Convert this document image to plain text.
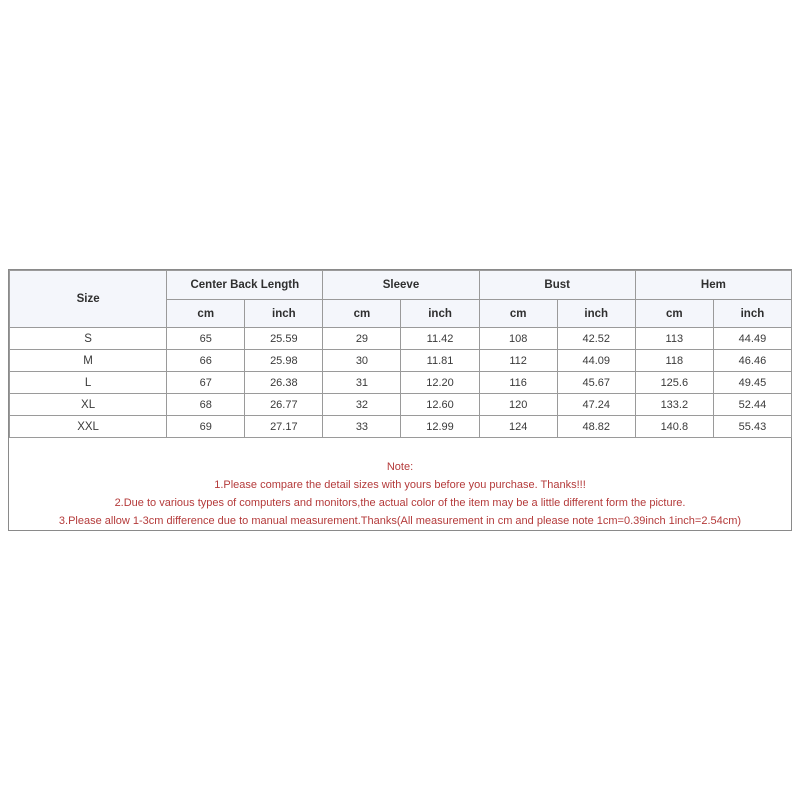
Size	Center Back Length		Sleeve		Bust		Hem	
	cm	inch	cm	inch	cm	inch	cm	inch
S	65	25.59	29	11.42	108	42.52	113	44.49
M	66	25.98	30	11.81	112	44.09	118	46.46
L	67	26.38	31	12.20	116	45.67	125.6	49.45
XL	68	26.77	32	12.60	120	47.24	133.2	52.44
XXL	69	27.17	33	12.99	124	48.82	140.8	55.43
Note:
1.Please compare the detail sizes with yours before you purchase. Thanks!!!
2.Due to various types of computers and monitors,the actual color of the item may be a little different form the picture.
3.Please allow 1-3cm difference due to manual measurement.Thanks(All measurement in cm and please note 1cm=0.39inch 1inch=2.54cm)
